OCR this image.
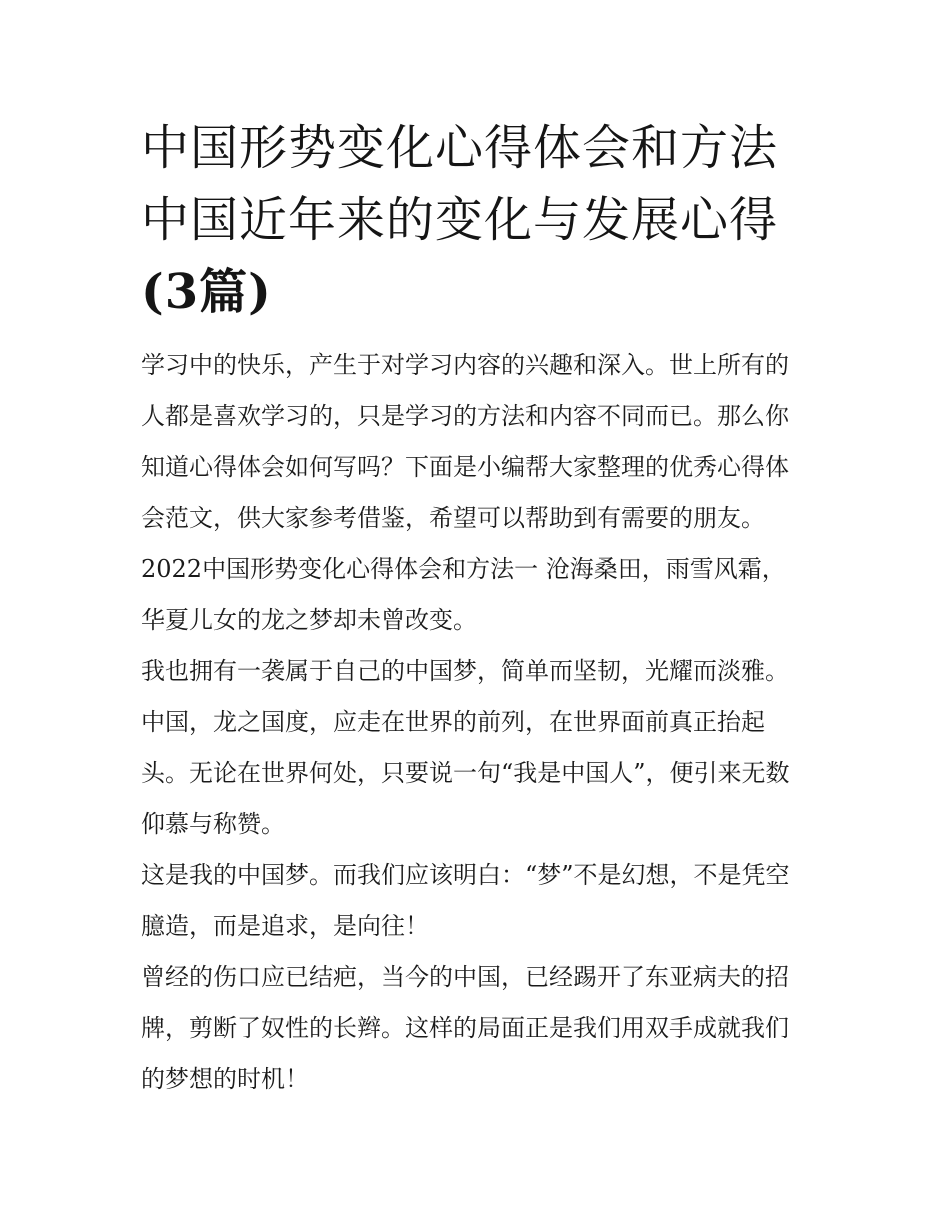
中国形势变化心得体会和方法
中国近年来的变化与发展心得
(3篇)

学习中的快乐，产生于对学习内容的兴趣和深入。世上所有的
人都是喜欢学习的，只是学习的方法和内容不同而已。那么你
知道心得体会如何写吗？下面是小编帮大家整理的优秀心得体
会范文，供大家参考借鉴，希望可以帮助到有需要的朋友。

2022中国形势变化心得体会和方法一 沧海桑田，雨雪风霜，
华夏儿女的龙之梦却未曾改变。

我也拥有一袭属于自己的中国梦，简单而坚韧，光耀而淡雅。
中国，龙之国度，应走在世界的前列，在世界面前真正抬起
头。无论在世界何处，只要说一句“我是中国人”，便引来无数
仰慕与称赞。

这是我的中国梦。而我们应该明白：“梦”不是幻想，不是凭空
臆造，而是追求，是向往！

曾经的伤口应已结疤，当今的中国，已经踢开了东亚病夫的招
牌，剪断了奴性的长辫。这样的局面正是我们用双手成就我们
的梦想的时机！
